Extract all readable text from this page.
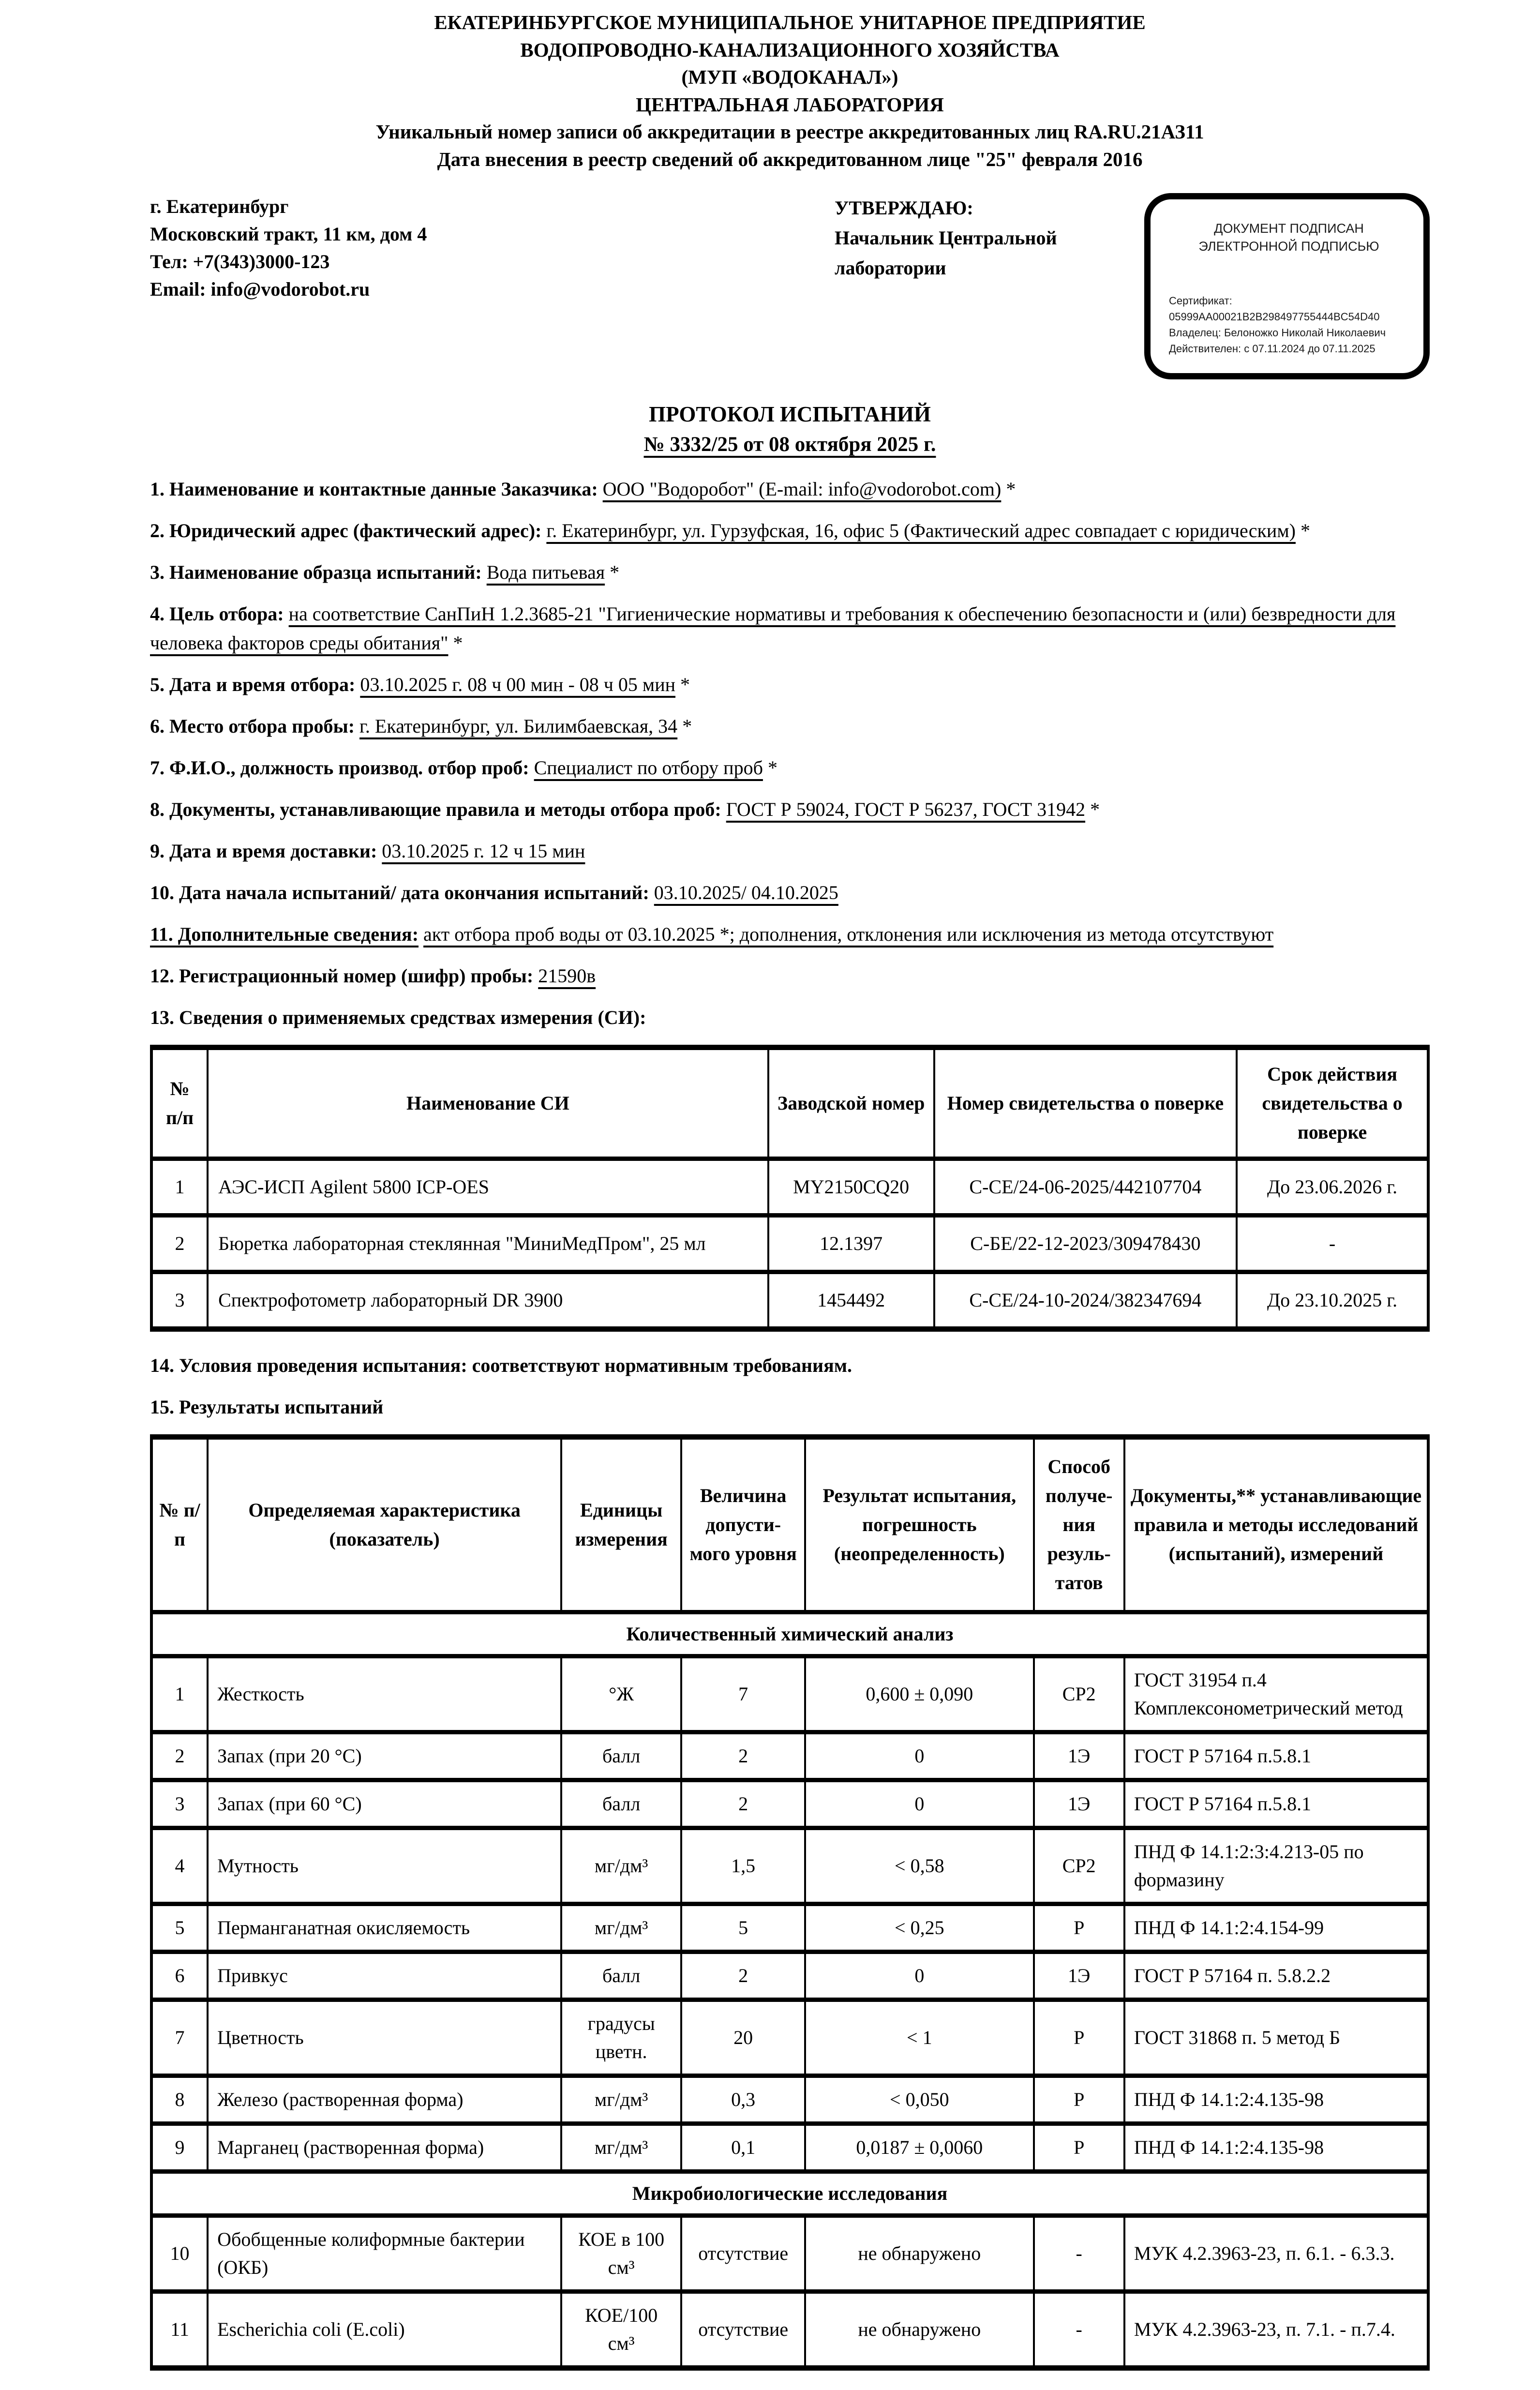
ЕКАТЕРИНБУРГСКОЕ МУНИЦИПАЛЬНОЕ УНИТАРНОЕ ПРЕДПРИЯТИЕ
ВОДОПРОВОДНО-КАНАЛИЗАЦИОННОГО ХОЗЯЙСТВА
(МУП «ВОДОКАНАЛ»)
ЦЕНТРАЛЬНАЯ ЛАБОРАТОРИЯ
Уникальный номер записи об аккредитации в реестре аккредитованных лиц RA.RU.21АЗ11
Дата внесения в реестр сведений об аккредитованном лице "25" февраля 2016
г. Екатеринбург
Московский тракт, 11 км, дом 4
Тел: +7(343)3000-123
Email: info@vodorobot.ru
УТВЕРЖДАЮ:
Начальник Центральной
лаборатории
ДОКУМЕНТ ПОДПИСАН
ЭЛЕКТРОННОЙ ПОДПИСЬЮ
Сертификат: 05999АА00021B2B298497755444BC54D40
Владелец: Белоножко Николай Николаевич
Действителен: с 07.11.2024 до 07.11.2025
ПРОТОКОЛ ИСПЫТАНИЙ
№ 3332/25 от 08 октября 2025 г.

1. Наименование и контактные данные Заказчика: ООО "Водоробот" (E-mail: info@vodorobot.com) *

2. Юридический адрес (фактический адрес): г. Екатеринбург, ул. Гурзуфская, 16, офис 5 (Фактический адрес совпадает с юридическим) *

3. Наименование образца испытаний: Вода питьевая *

4. Цель отбора: на соответствие СанПиН 1.2.3685-21 "Гигиенические нормативы и требования к обеспечению безопасности и (или) безвредности для человека факторов среды обитания" *

5. Дата и время отбора: 03.10.2025 г. 08 ч 00 мин - 08 ч 05 мин *

6. Место отбора пробы: г. Екатеринбург, ул. Билимбаевская, 34 *

7. Ф.И.О., должность производ. отбор проб: Специалист по отбору проб *

8. Документы, устанавливающие правила и методы отбора проб: ГОСТ Р 59024, ГОСТ Р 56237, ГОСТ 31942 *

9. Дата и время доставки: 03.10.2025 г. 12 ч 15 мин

10. Дата начала испытаний/ дата окончания испытаний: 03.10.2025/ 04.10.2025

11. Дополнительные сведения: акт отбора проб воды от 03.10.2025 *; дополнения, отклонения или исключения из метода отсутствуют

12. Регистрационный номер (шифр) пробы: 21590в

13. Сведения о применяемых средствах измерения (СИ):

№ п/п	Наименование СИ	Заводской номер	Номер свидетельства о поверке	Срок действия свидетельства о поверке
1	АЭС-ИСП Agilent 5800 ICP-OES	MY2150CQ20	С-СЕ/24-06-2025/442107704	До 23.06.2026 г.
2	Бюретка лабораторная стеклянная "МиниМедПром", 25 мл	12.1397	С-БЕ/22-12-2023/309478430	-
3	Спектрофотометр лабораторный DR 3900	1454492	С-СЕ/24-10-2024/382347694	До 23.10.2025 г.

14. Условия проведения испытания: соответствуют нормативным требованиям.

15. Результаты испытаний

№ п/п	Определяемая характеристика (показатель)	Единицы измерения	Величина допусти-мого уровня	Результат испытания, погрешность (неопределенность)	Способ получе-ния резуль-татов	Документы,** устанавливающие правила и методы исследований (испытаний), измерений
Количественный химический анализ						
1	Жесткость	°Ж	7	0,600 ± 0,090	СР2	ГОСТ 31954 п.4 Комплексонометрический метод
2	Запах (при 20 °С)	балл	2	0	1Э	ГОСТ Р 57164 п.5.8.1
3	Запах (при 60 °С)	балл	2	0	1Э	ГОСТ Р 57164 п.5.8.1
4	Мутность	мг/дм³	1,5	< 0,58	СР2	ПНД Ф 14.1:2:3:4.213-05 по формазину
5	Перманганатная окисляемость	мг/дм³	5	< 0,25	Р	ПНД Ф 14.1:2:4.154-99
6	Привкус	балл	2	0	1Э	ГОСТ Р 57164 п. 5.8.2.2
7	Цветность	градусы цветн.	20	< 1	Р	ГОСТ 31868 п. 5 метод Б
8	Железо (растворенная форма)	мг/дм³	0,3	< 0,050	Р	ПНД Ф 14.1:2:4.135-98
9	Марганец (растворенная форма)	мг/дм³	0,1	0,0187 ± 0,0060	Р	ПНД Ф 14.1:2:4.135-98
Микробиологические исследования						
10	Обобщенные колиформные бактерии (ОКБ)	КОЕ в 100 см³	отсутствие	не обнаружено	-	МУК 4.2.3963-23, п. 6.1. - 6.3.3.
11	Escherichia coli (E.coli)	КОЕ/100 см³	отсутствие	не обнаружено	-	МУК 4.2.3963-23, п. 7.1. - п.7.4.
